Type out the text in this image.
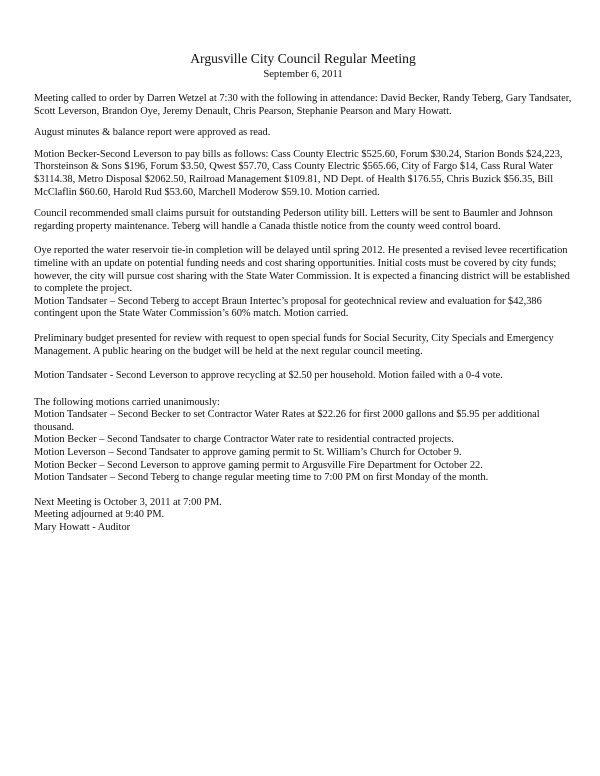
Argusville City Council Regular Meeting
September 6, 2011

Meeting called to order by Darren Wetzel at 7:30 with the following in attendance: David Becker, Randy Teberg, Gary Tandsater, Scott Leverson, Brandon Oye, Jeremy Denault, Chris Pearson, Stephanie Pearson and Mary Howatt.

August minutes & balance report were approved as read.

Motion Becker-Second Leverson to pay bills as follows: Cass County Electric $525.60, Forum $30.24, Starion Bonds $24,223, Thorsteinson & Sons $196, Forum $3.50, Qwest $57.70, Cass County Electric $565.66, City of Fargo $14, Cass Rural Water $3114.38, Metro Disposal $2062.50, Railroad Management $109.81, ND Dept. of Health $176.55, Chris Buzick $56.35, Bill McClaflin $60.60, Harold Rud $53.60, Marchell Moderow $59.10. Motion carried.

Council recommended small claims pursuit for outstanding Pederson utility bill. Letters will be sent to Baumler and Johnson regarding property maintenance. Teberg will handle a Canada thistle notice from the county weed control board.

Oye reported the water reservoir tie-in completion will be delayed until spring 2012. He presented a revised levee recertification timeline with an update on potential funding needs and cost sharing opportunities. Initial costs must be covered by city funds; however, the city will pursue cost sharing with the State Water Commission. It is expected a financing district will be established to complete the project.

Motion Tandsater – Second Teberg to accept Braun Intertec’s proposal for geotechnical review and evaluation for $42,386 contingent upon the State Water Commission’s 60% match. Motion carried.

Preliminary budget presented for review with request to open special funds for Social Security, City Specials and Emergency Management. A public hearing on the budget will be held at the next regular council meeting.

Motion Tandsater - Second Leverson to approve recycling at $2.50 per household. Motion failed with a 0-4 vote.

The following motions carried unanimously:
Motion Tandsater – Second Becker to set Contractor Water Rates at $22.26 for first 2000 gallons and $5.95 per additional thousand.
Motion Becker – Second Tandsater to charge Contractor Water rate to residential contracted projects.
Motion Leverson – Second Tandsater to approve gaming permit to St. William’s Church for October 9.
Motion Becker – Second Leverson to approve gaming permit to Argusville Fire Department for October 22.
Motion Tandsater – Second Teberg to change regular meeting time to 7:00 PM on first Monday of the month.
Next Meeting is October 3, 2011 at 7:00 PM.
Meeting adjourned at 9:40 PM.
Mary Howatt - Auditor
